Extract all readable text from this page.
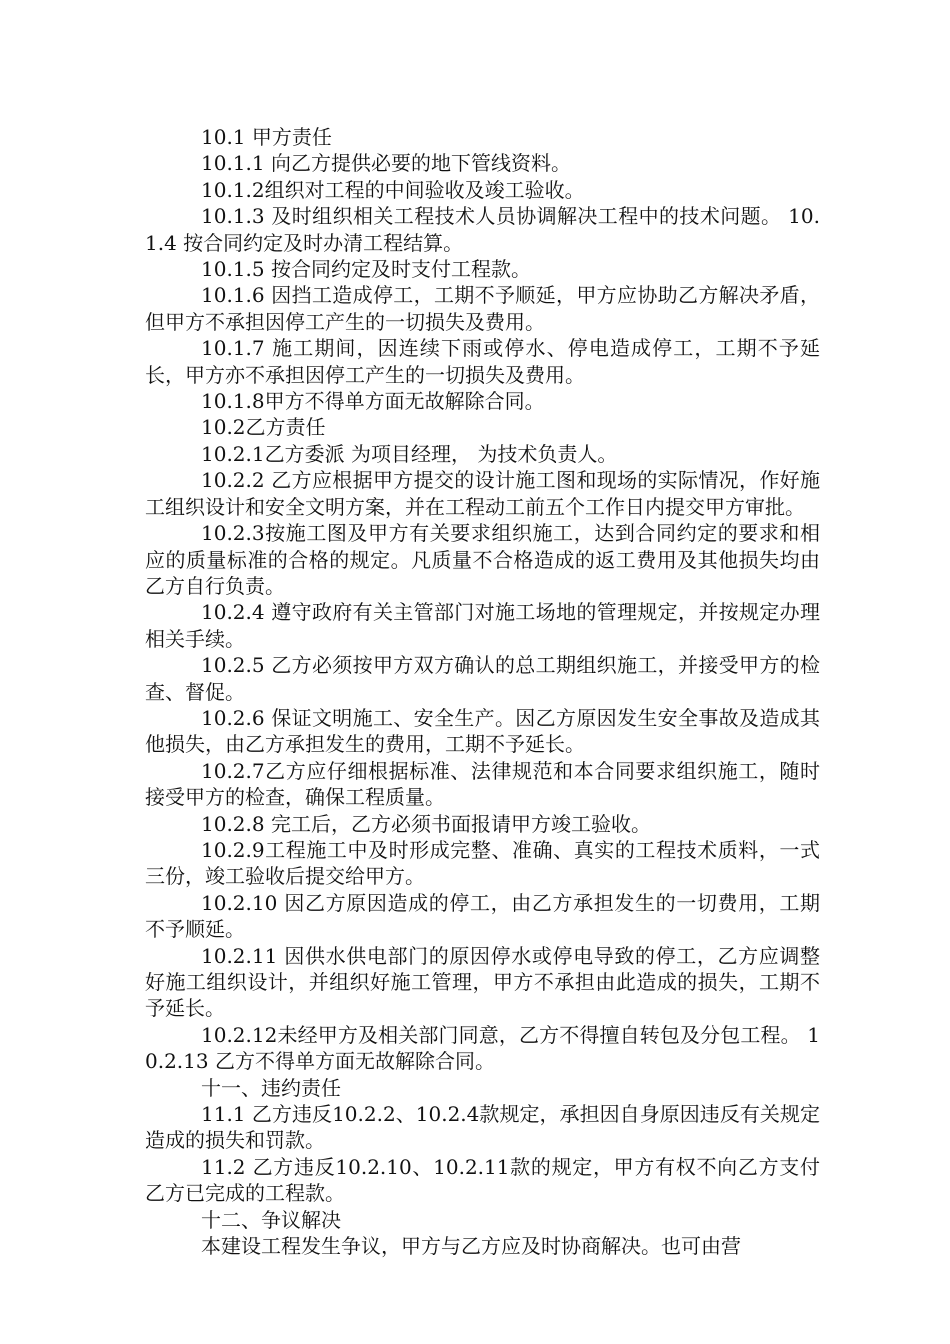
10.1 甲方责任

10.1.1 向乙方提供必要的地下管线资料。

10.1.2组织对工程的中间验收及竣工验收。

10.1.3 及时组织相关工程技术人员协调解决工程中的技术问题。 10.1.4 按合同约定及时办清工程结算。

10.1.5 按合同约定及时支付工程款。

10.1.6 因挡工造成停工，工期不予顺延，甲方应协助乙方解决矛盾，但甲方不承担因停工产生的一切损失及费用。

10.1.7 施工期间，因连续下雨或停水、停电造成停工，工期不予延长，甲方亦不承担因停工产生的一切损失及费用。

10.1.8甲方不得单方面无故解除合同。

10.2乙方责任

10.2.1乙方委派 为项目经理， 为技术负责人。

10.2.2 乙方应根据甲方提交的设计施工图和现场的实际情况，作好施工组织设计和安全文明方案，并在工程动工前五个工作日内提交甲方审批。

10.2.3按施工图及甲方有关要求组织施工，达到合同约定的要求和相应的质量标准的合格的规定。凡质量不合格造成的返工费用及其他损失均由乙方自行负责。

10.2.4 遵守政府有关主管部门对施工场地的管理规定，并按规定办理相关手续。

10.2.5 乙方必须按甲方双方确认的总工期组织施工，并接受甲方的检查、督促。

10.2.6 保证文明施工、安全生产。因乙方原因发生安全事故及造成其他损失，由乙方承担发生的费用，工期不予延长。

10.2.7乙方应仔细根据标准、法律规范和本合同要求组织施工，随时接受甲方的检查，确保工程质量。

10.2.8 完工后，乙方必须书面报请甲方竣工验收。

10.2.9工程施工中及时形成完整、准确、真实的工程技术质料，一式三份，竣工验收后提交给甲方。

10.2.10 因乙方原因造成的停工，由乙方承担发生的一切费用，工期不予顺延。

10.2.11 因供水供电部门的原因停水或停电导致的停工，乙方应调整好施工组织设计，并组织好施工管理，甲方不承担由此造成的损失，工期不予延长。

10.2.12未经甲方及相关部门同意，乙方不得擅自转包及分包工程。 10.2.13 乙方不得单方面无故解除合同。

十一、违约责任

11.1 乙方违反10.2.2、10.2.4款规定，承担因自身原因违反有关规定造成的损失和罚款。

11.2 乙方违反10.2.10、10.2.11款的规定，甲方有权不向乙方支付乙方已完成的工程款。

十二、争议解决

本建设工程发生争议，甲方与乙方应及时协商解决。也可由营
